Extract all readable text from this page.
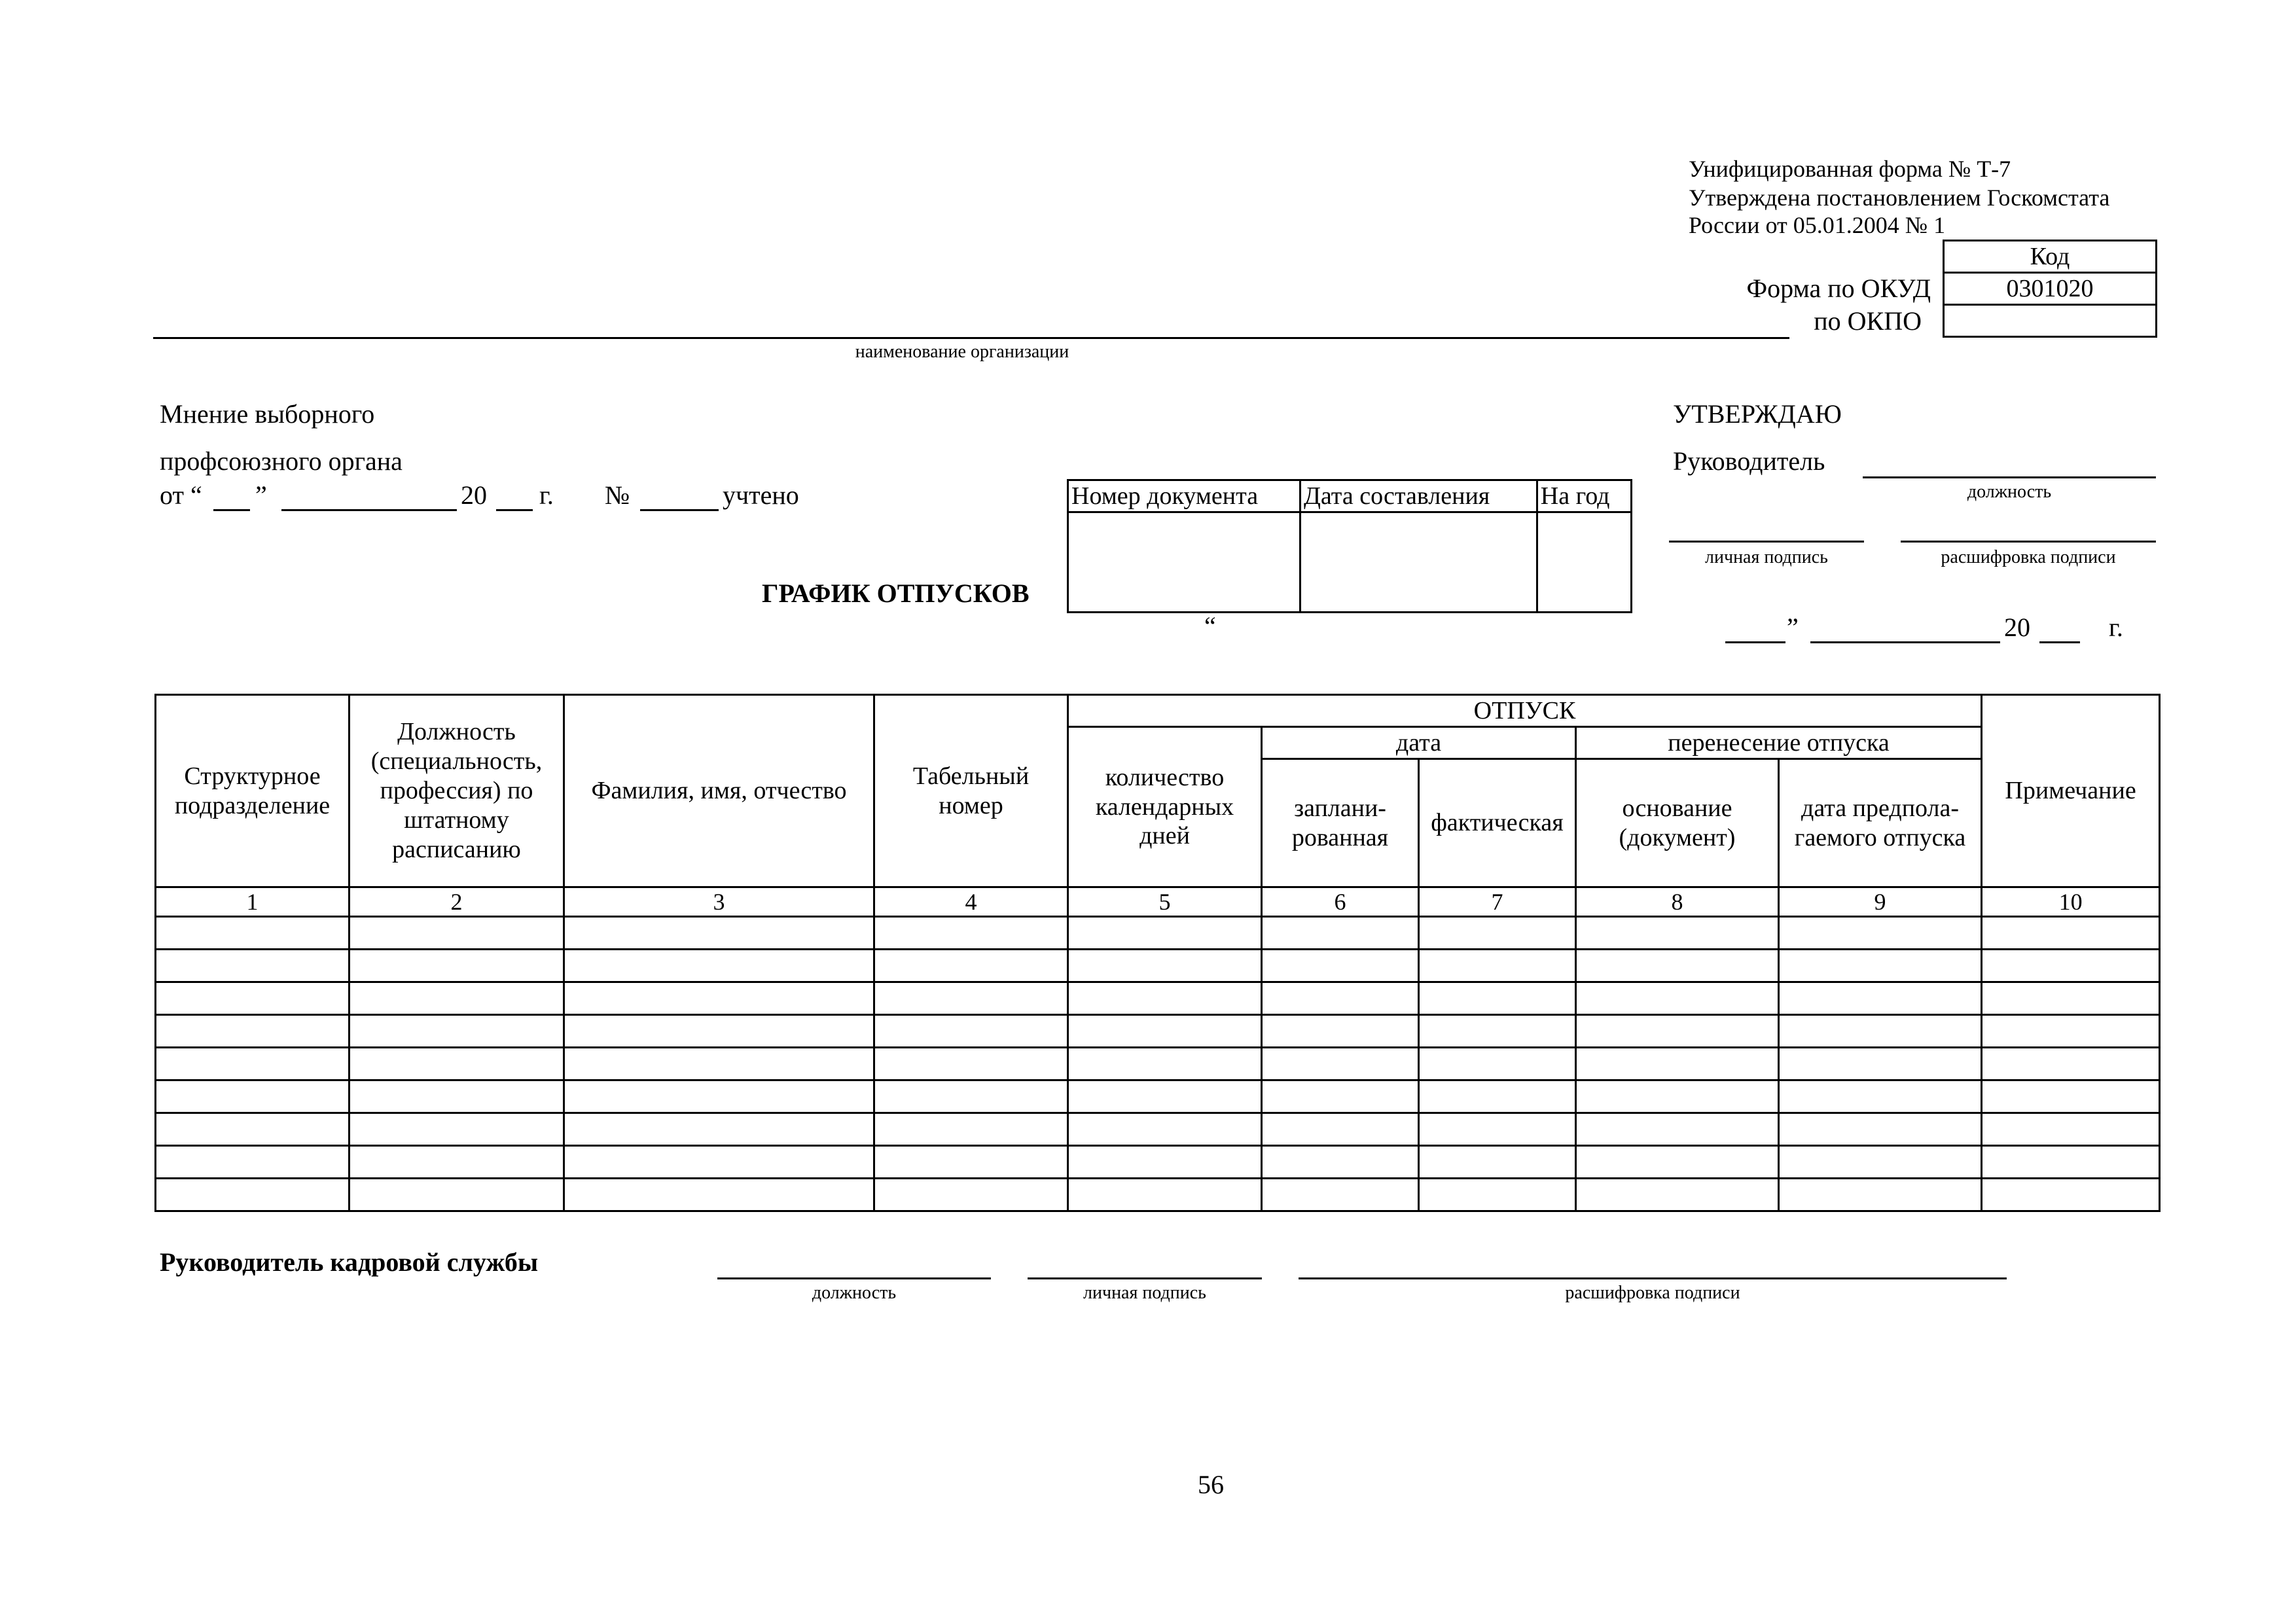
Унифицированная форма № Т-7
Утверждена постановлением Госкомстата
России от 05.01.2004 № 1
Код
0301020

Форма по ОКУД
по ОКПО
наименование организации
Мнение выборного
профсоюзного органа
от “ ”	20 г. №	учтено
ГРАФИК ОТПУСКОВ
Номер документа	Дата составления	На год

“
УТВЕРЖДАЮ
Руководитель
должность
личная подпись	расшифровка подписи
”	20	г.
Структурное подразделение	Должность (специальность, профессия) по штатному расписанию	Фамилия, имя, отчество	Табельный номер	ОТПУСК					Примечание
				количество календарных дней	дата		перенесение отпуска		
					заплани-рованная	фактическая	основание (документ)	дата предпола-гаемого отпуска	
1	2	3	4	5	6	7	8	9	10

Руководитель кадровой службы
должность	личная подпись	расшифровка подписи
56
